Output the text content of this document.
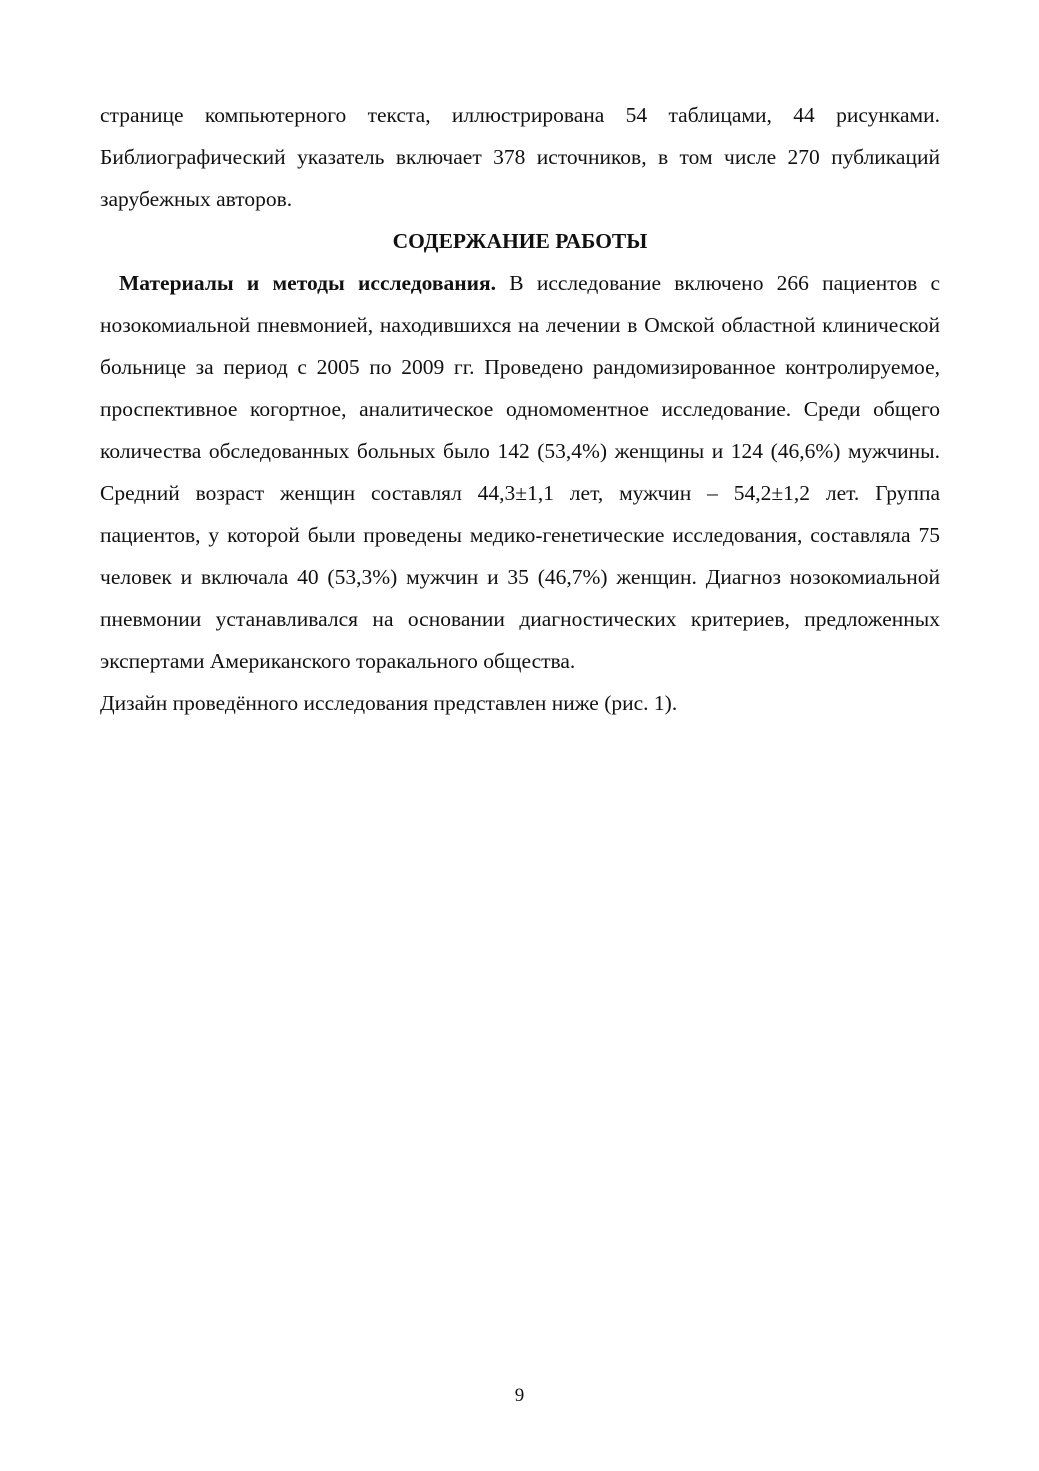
странице компьютерного текста, иллюстрирована 54 таблицами, 44 рисунками. Библиографический указатель включает 378 источников, в том числе 270 публикаций зарубежных авторов.

СОДЕРЖАНИЕ РАБОТЫ

Материалы и методы исследования. В исследование включено 266 пациентов с нозокомиальной пневмонией, находившихся на лечении в Омской областной клинической больнице за период с 2005 по 2009 гг. Проведено рандомизированное контролируемое, проспективное когортное, аналитическое одномоментное исследование. Среди общего количества обследованных больных было 142 (53,4%) женщины и 124 (46,6%) мужчины. Средний возраст женщин составлял 44,3±1,1 лет, мужчин – 54,2±1,2 лет. Группа пациентов, у которой были проведены медико-генетические исследования, составляла 75 человек и включала 40 (53,3%) мужчин и 35 (46,7%) женщин. Диагноз нозокомиальной пневмонии устанавливался на основании диагностических критериев, предложенных экспертами Американского торакального общества.

Дизайн проведённого исследования представлен ниже (рис. 1).

9
